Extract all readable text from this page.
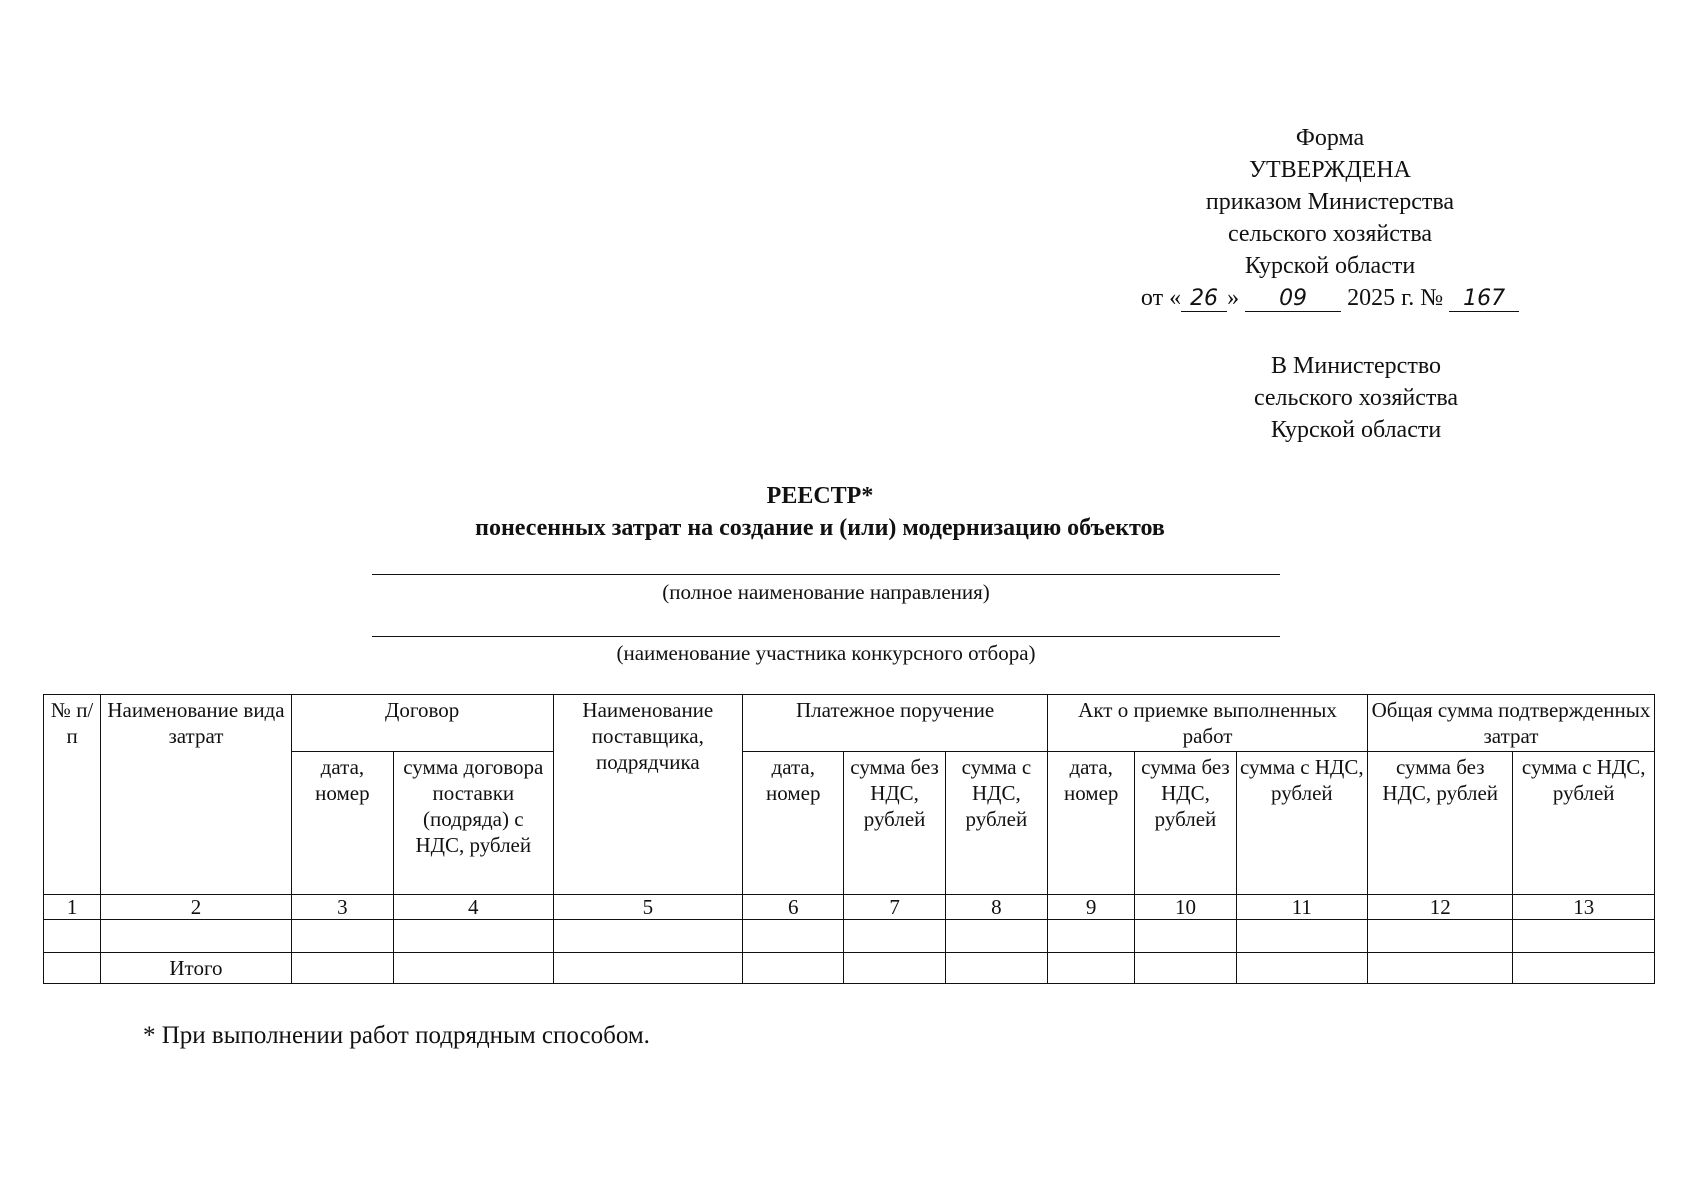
Форма
УТВЕРЖДЕНА
приказом Министерства
сельского хозяйства
Курской области
от « 26 » 09 2025 г. № 167
В Министерство
сельского хозяйства
Курской области
РЕЕСТР*
понесенных затрат на создание и (или) модернизацию объектов
(полное наименование направления)
(наименование участника конкурсного отбора)
№ п/п	Наименование вида затрат	Договор		Наименование поставщика, подрядчика	Платежное поручение			Акт о приемке выполненных работ			Общая сумма подтвержденных затрат	
		дата, номер	сумма договора поставки (подряда) с НДС, рублей		дата, номер	сумма без НДС, рублей	сумма с НДС, рублей	дата, номер	сумма без НДС, рублей	сумма с НДС, рублей	сумма без НДС, рублей	сумма с НДС, рублей
1	2	3	4	5	6	7	8	9	10	11	12	13

	Итого											
* При выполнении работ подрядным способом.
